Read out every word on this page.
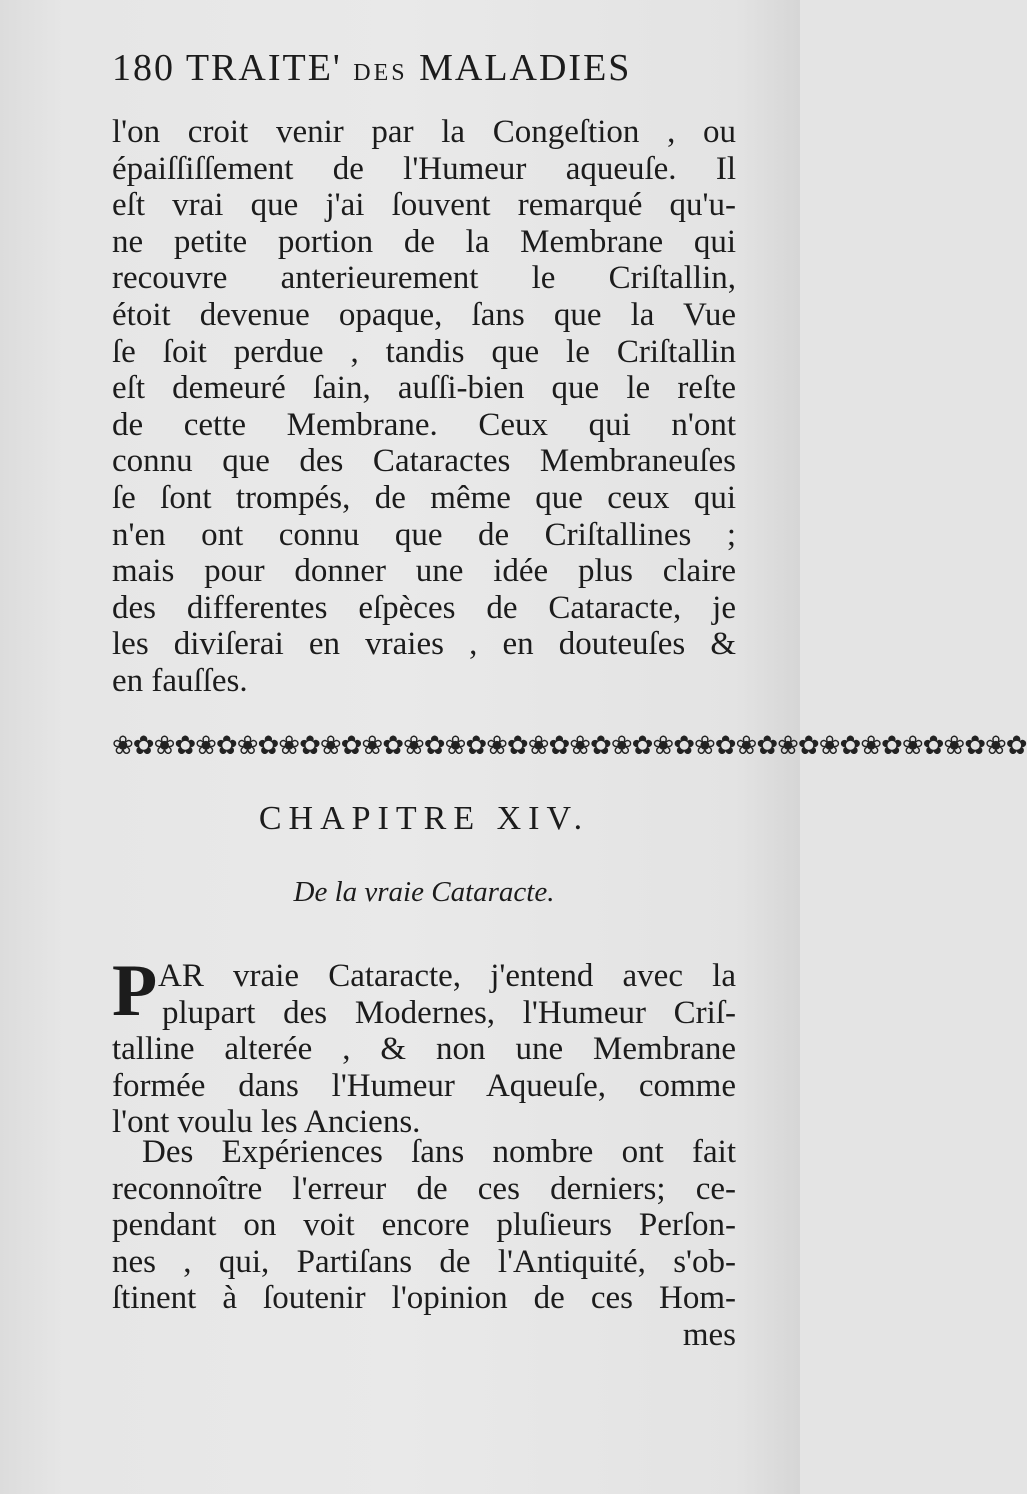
180 TRAITE' DES MALADIES
l'on croit venir par la Congeſtion , ou
épaiſſiſſement de l'Humeur aqueuſe. Il
eſt vrai que j'ai ſouvent remarqué qu'u-
ne petite portion de la Membrane qui
recouvre anterieurement le Criſtallin,
étoit devenue opaque, ſans que la Vue
ſe ſoit perdue , tandis que le Criſtallin
eſt demeuré ſain, auſſi-bien que le reſte
de cette Membrane. Ceux qui n'ont
connu que des Cataractes Membraneuſes
ſe ſont trompés, de même que ceux qui
n'en ont connu que de Criſtallines ;
mais pour donner une idée plus claire
des differentes eſpèces de Cataracte, je
les diviſerai en vraies , en douteuſes &
en fauſſes.
❀✿❀✿❀✿❀✿❀✿❀✿❀✿❀✿❀✿❀✿❀✿❀✿❀✿❀✿❀✿❀✿❀✿❀✿❀✿❀✿❀✿❀✿
CHAPITRE XIV.
De la vraie Cataracte.
P AR vraie Cataracte, j'entend avec la
plupart des Modernes, l'Humeur Criſ-
talline alterée , & non une Membrane
formée dans l'Humeur Aqueuſe, comme
l'ont voulu les Anciens.
Des Expériences ſans nombre ont fait
reconnoître l'erreur de ces derniers; ce-
pendant on voit encore pluſieurs Perſon-
nes , qui, Partiſans de l'Antiquité, s'ob-
ſtinent à ſoutenir l'opinion de ces Hom-
mes
